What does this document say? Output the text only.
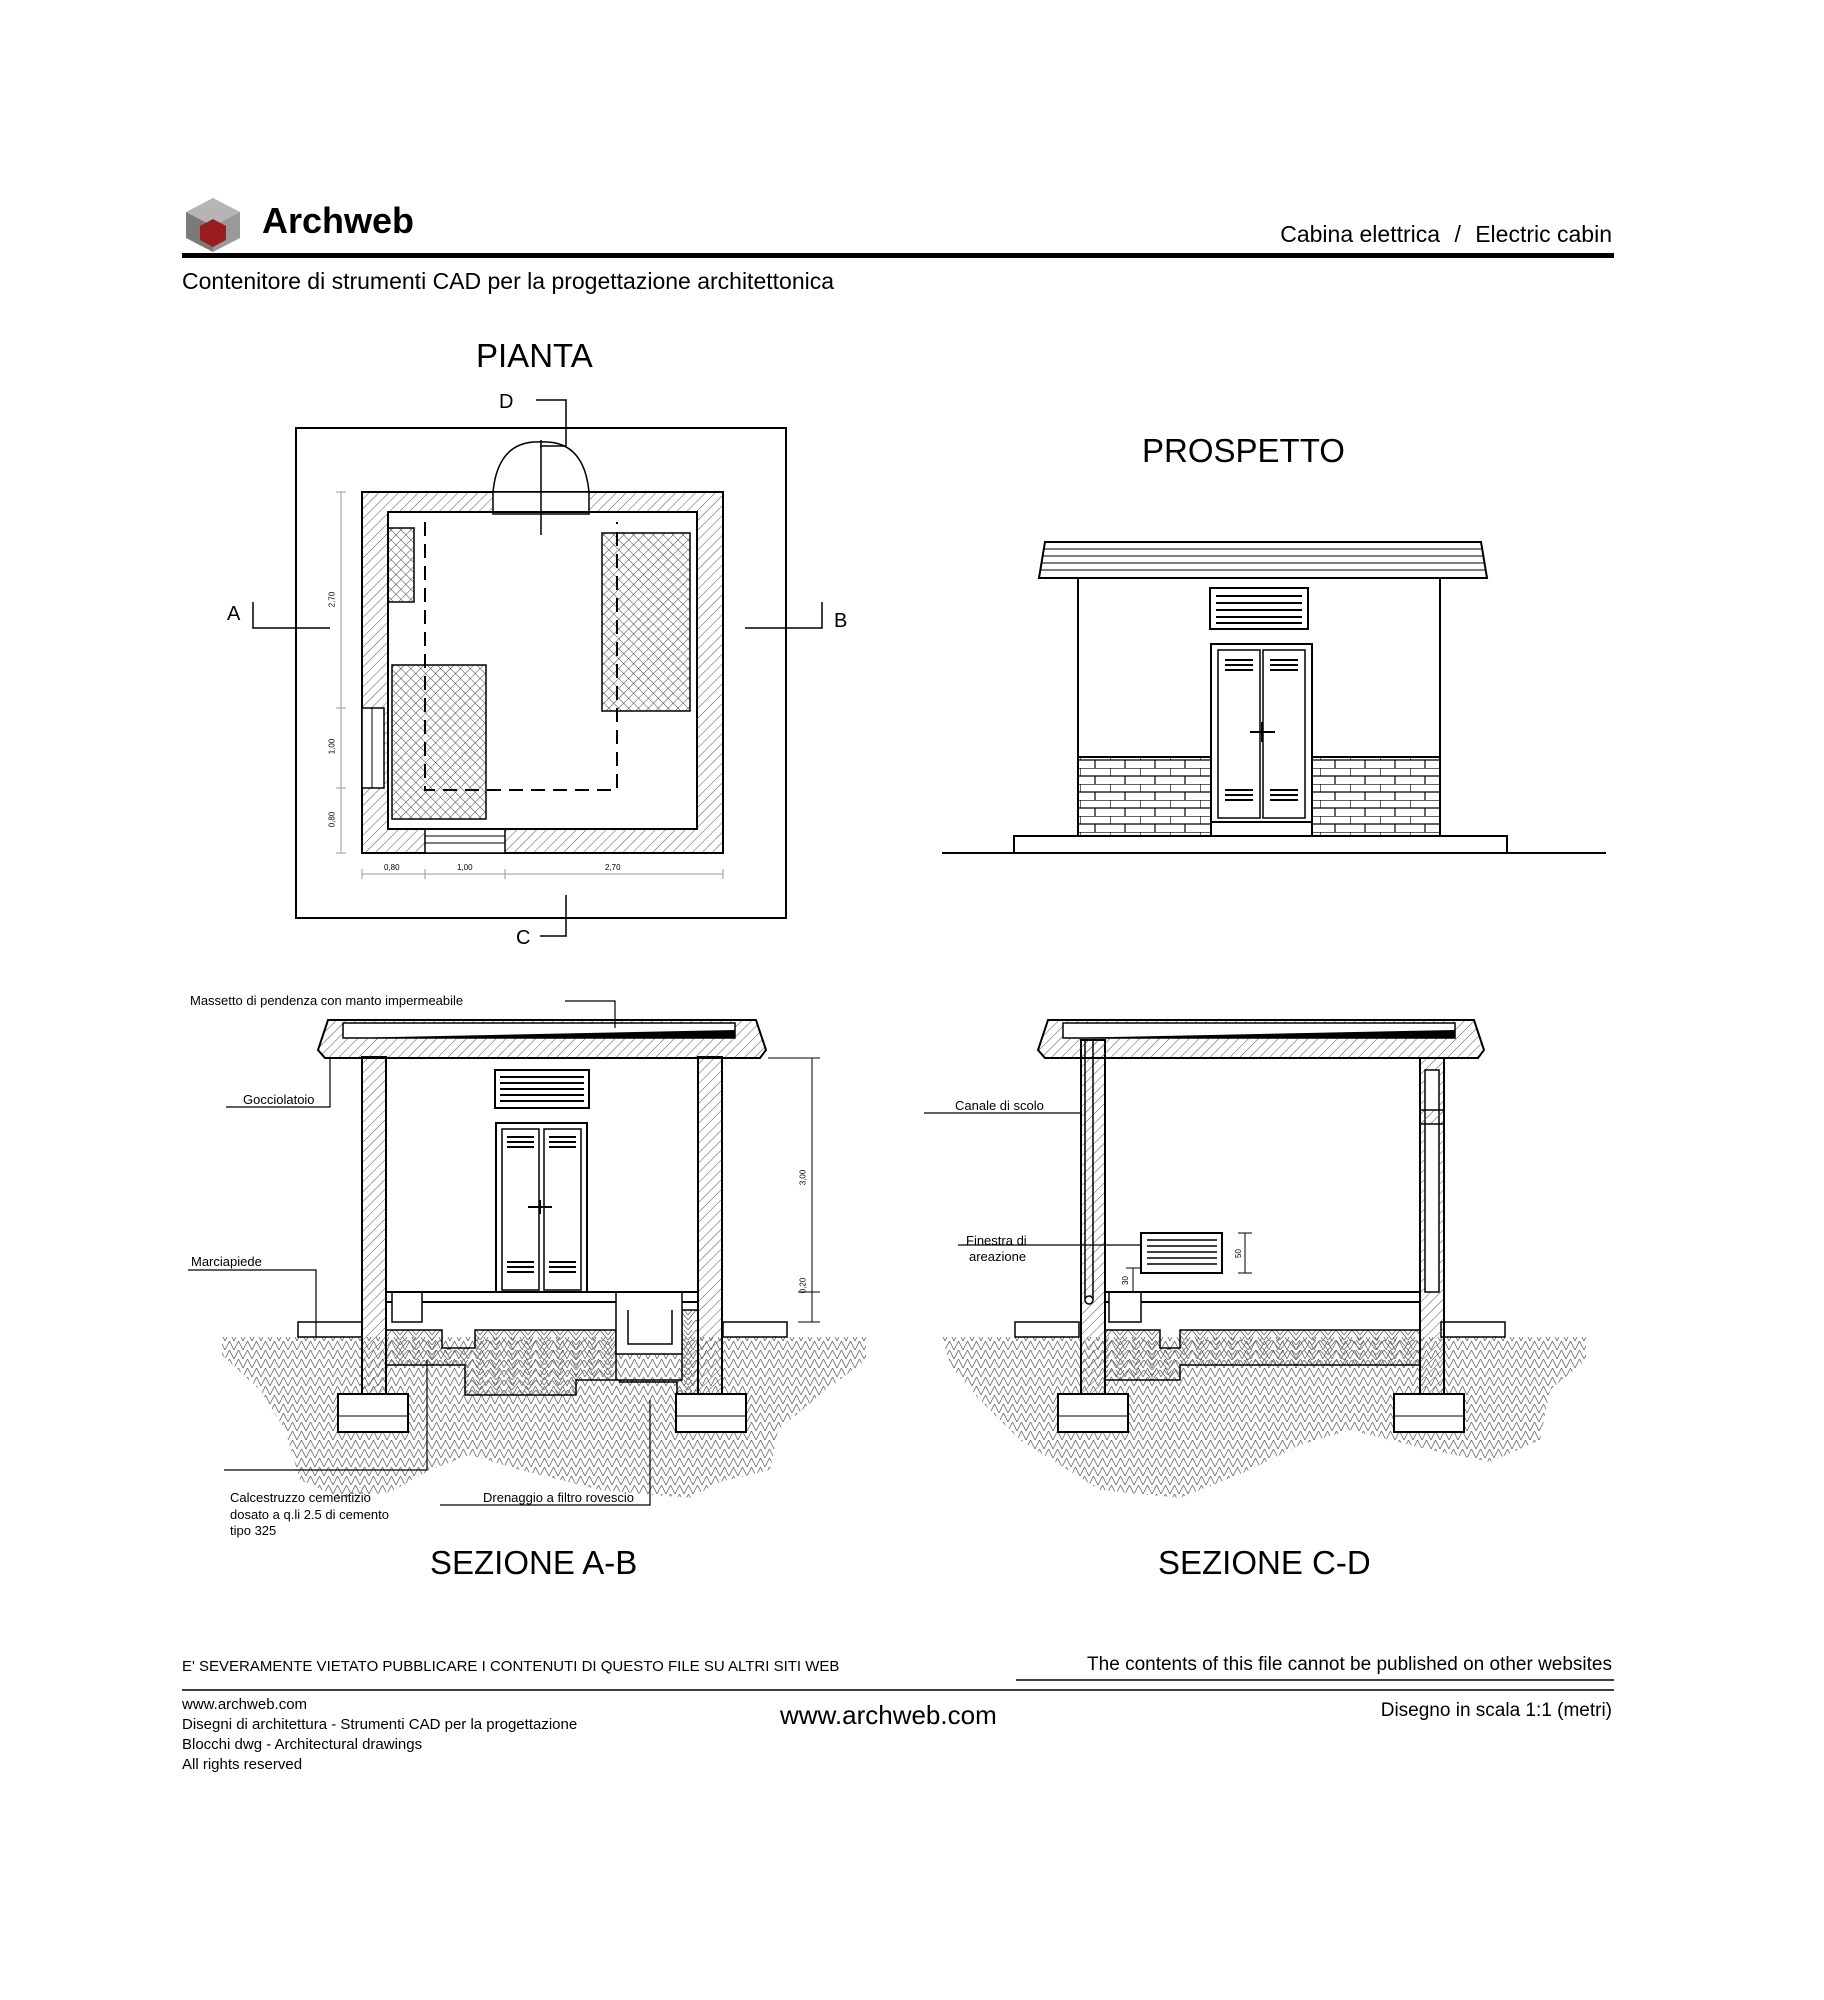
Archweb	Cabina elettrica / Electric cabin
Contenitore di strumenti CAD per la progettazione architettonica
PIANTA
PROSPETTO
SEZIONE A-B	SEZIONE C-D
A	B
C
D
2,70
1,00
0,80
0,80	1,00	2,70
Massetto di pendenza con manto impermeabile
Gocciolatoio
Marciapiede
Calcestruzzo cementizio
dosato a q.li 2.5 di cemento
tipo 325
Drenaggio a filtro rovescio
3,00
0,20
Canale di scolo
Finestra di
areazione	50
30
E' SEVERAMENTE VIETATO PUBBLICARE I CONTENUTI DI QUESTO FILE SU ALTRI SITI WEB	The contents of this file cannot be published on other websites
www.archweb.com
Disegni di architettura - Strumenti CAD per la progettazione
Blocchi dwg - Architectural drawings
All rights reserved
www.archweb.com	Disegno in scala 1:1 (metri)
